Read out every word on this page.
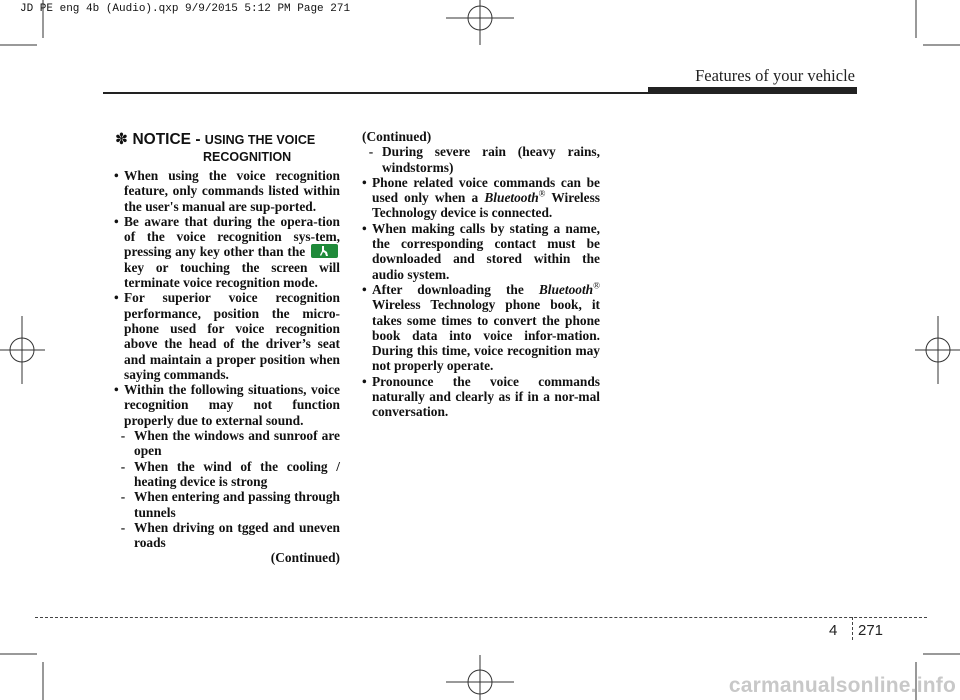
JD PE eng 4b (Audio).qxp 9/9/2015 5:12 PM Page 271
Features of your vehicle
✽ NOTICE - USING THE VOICE
RECOGNITION
• When using the voice recognition feature, only commands listed within the user's manual are sup-ported.
• Be aware that during the opera-tion of the voice recognition sys-tem, pressing any key other than the
key or touching the screen will terminate voice recognition mode.
• For superior voice recognition performance, position the micro-phone used for voice recognition above the head of the driver’s seat and maintain a proper position when saying commands.
• Within the following situations, voice recognition may not function properly due to external sound.
- When the windows and sunroof are open
- When the wind of the cooling / heating device is strong
- When entering and passing through tunnels
- When driving on tgged and uneven roads
(Continued)
(Continued)
- During severe rain (heavy rains, windstorms)
• Phone related voice commands can be used only when a Bluetooth® Wireless Technology device is connected.
• When making calls by stating a name, the corresponding contact must be downloaded and stored within the audio system.
• After downloading the Bluetooth® Wireless Technology phone book, it takes some times to convert the phone book data into voice infor-mation. During this time, voice recognition may not properly operate.
• Pronounce the voice commands naturally and clearly as if in a nor-mal conversation.
4 271
carmanualsonline.info
